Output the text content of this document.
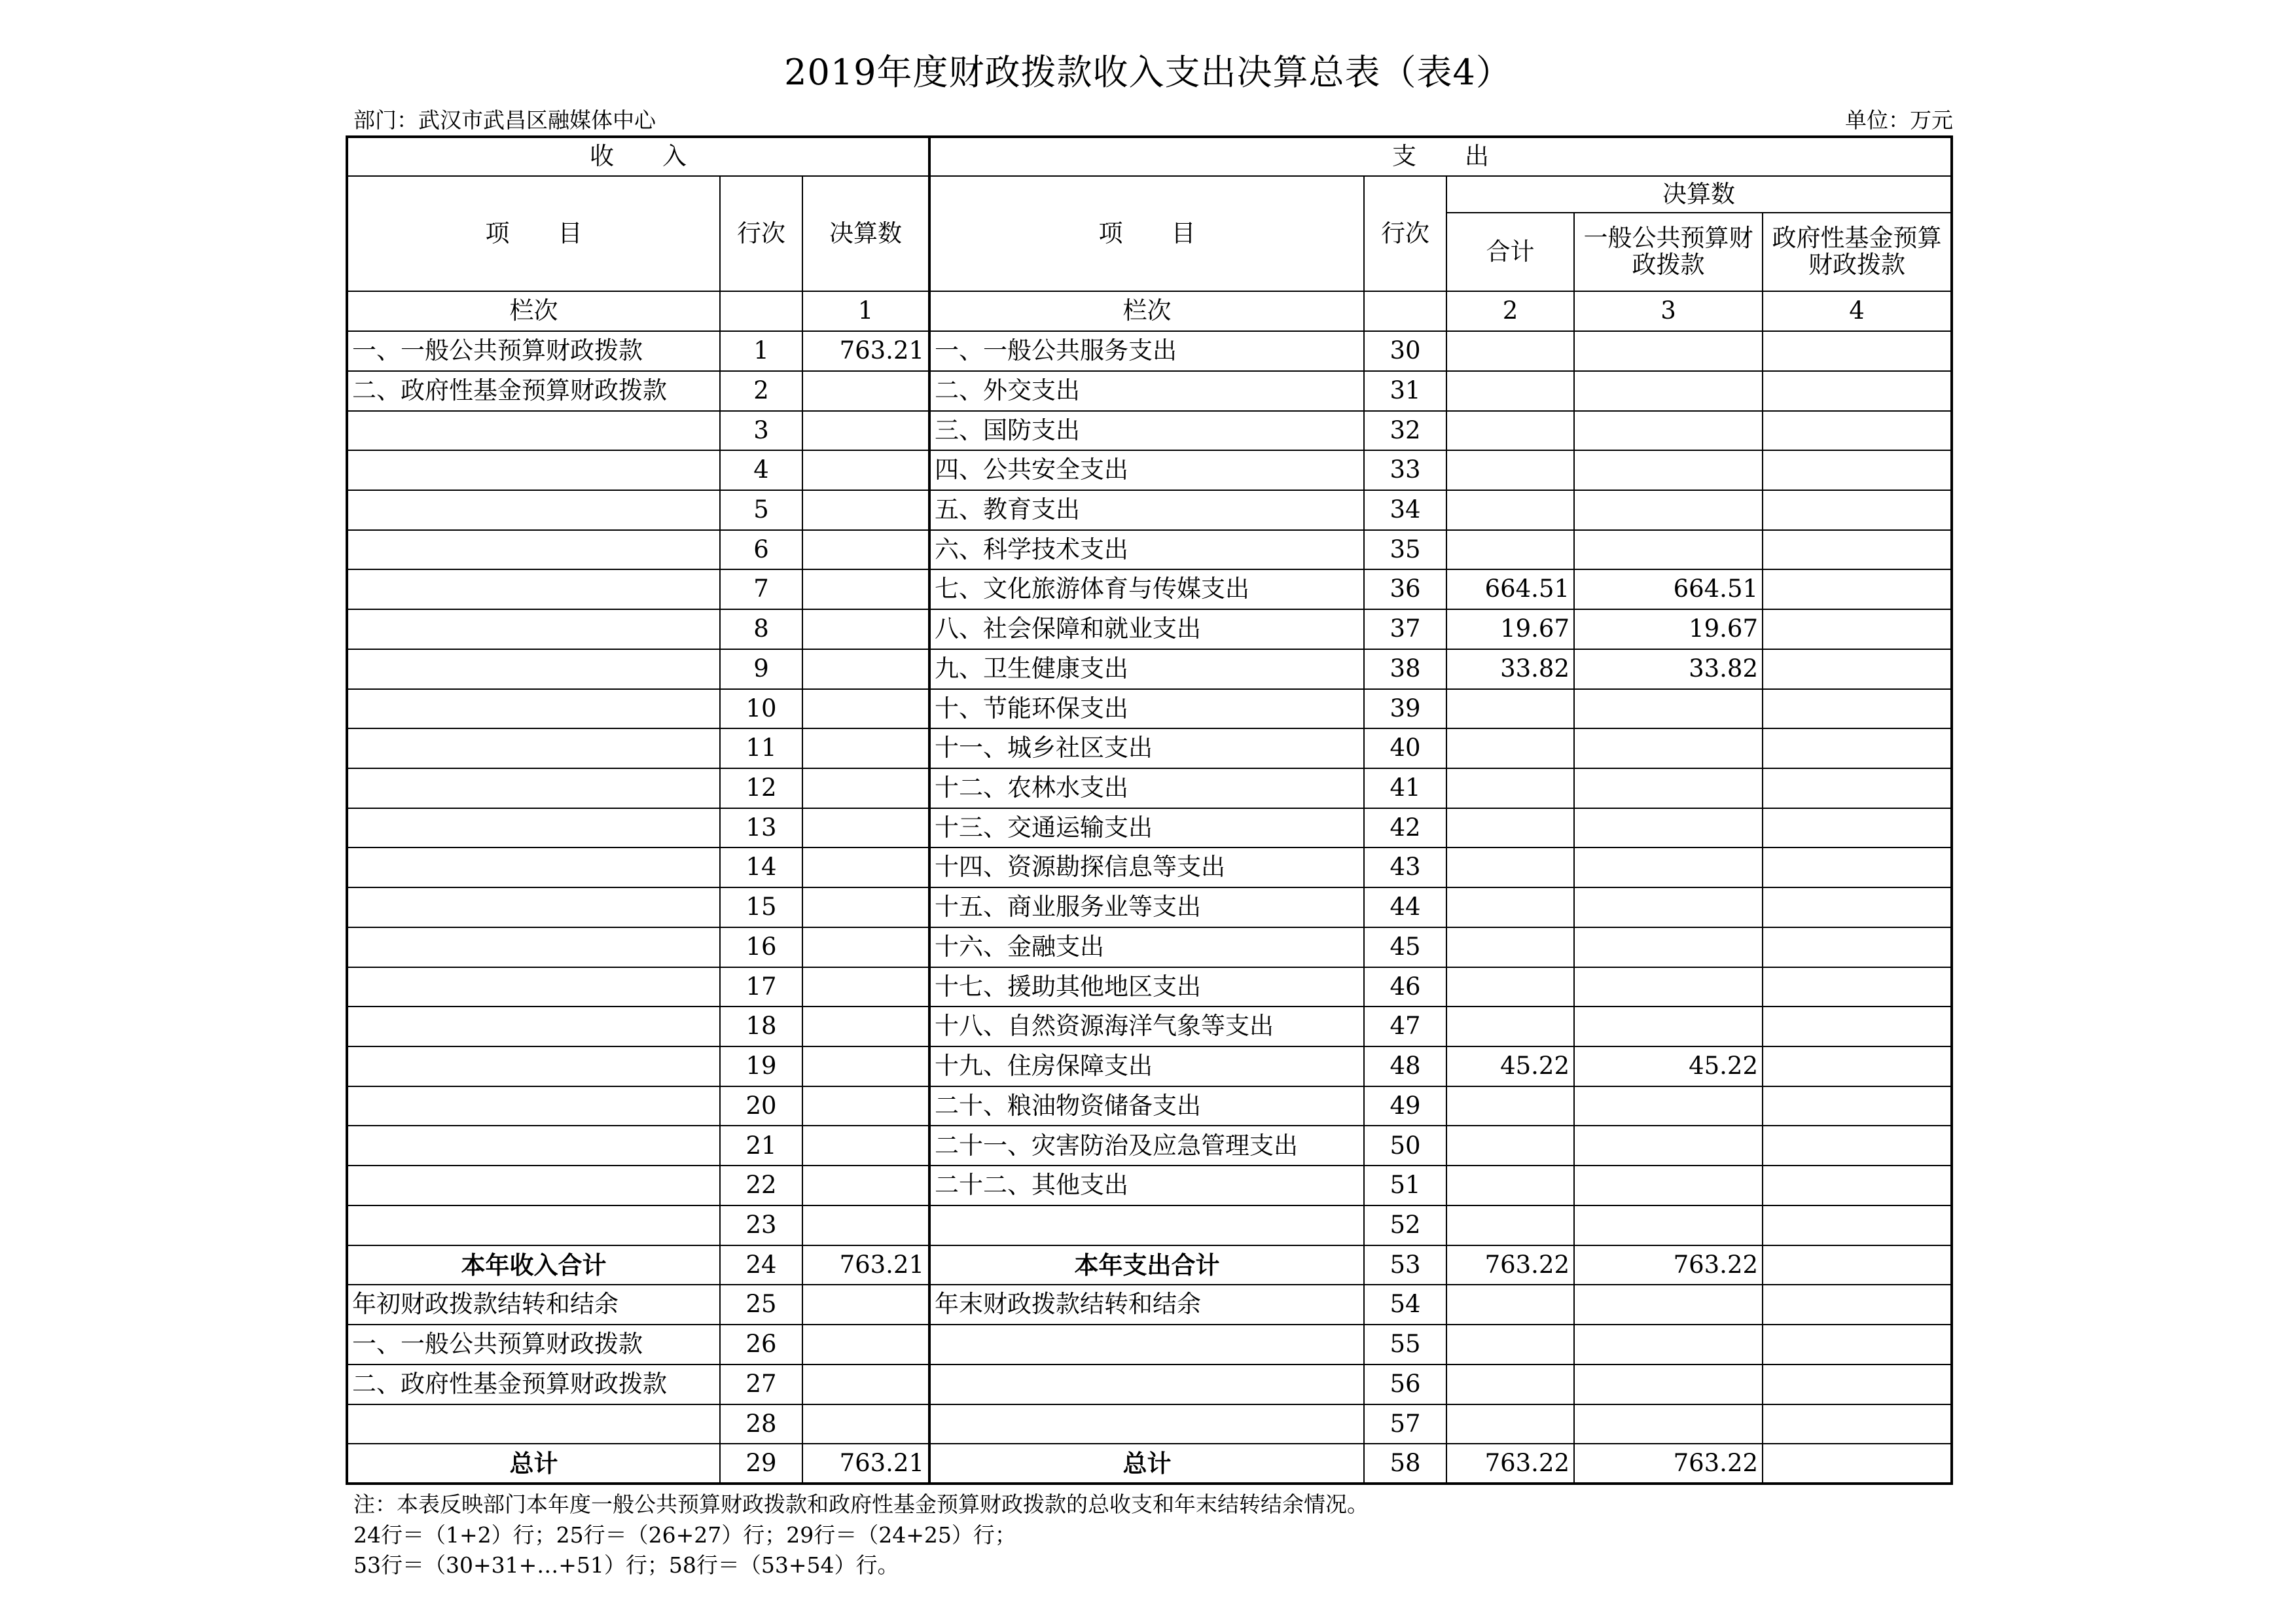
2019年度财政拨款收入支出决算总表（表4）
部门：武汉市武昌区融媒体中心	单位：万元
收　　入			支　　出				
项　　目	行次	决算数	项　　目	行次	决算数		
					合计	一般公共预算财政拨款	政府性基金预算财政拨款
栏次		1	栏次		2	3	4
一、一般公共预算财政拨款	1	763.21	一、一般公共服务支出	30			
二、政府性基金预算财政拨款	2		二、外交支出	31			
	3		三、国防支出	32			
	4		四、公共安全支出	33			
	5		五、教育支出	34			
	6		六、科学技术支出	35			
	7		七、文化旅游体育与传媒支出	36	664.51	664.51	
	8		八、社会保障和就业支出	37	19.67	19.67	
	9		九、卫生健康支出	38	33.82	33.82	
	10		十、节能环保支出	39			
	11		十一、城乡社区支出	40			
	12		十二、农林水支出	41			
	13		十三、交通运输支出	42			
	14		十四、资源勘探信息等支出	43			
	15		十五、商业服务业等支出	44			
	16		十六、金融支出	45			
	17		十七、援助其他地区支出	46			
	18		十八、自然资源海洋气象等支出	47			
	19		十九、住房保障支出	48	45.22	45.22	
	20		二十、粮油物资储备支出	49			
	21		二十一、灾害防治及应急管理支出	50			
	22		二十二、其他支出	51			
	23			52			
本年收入合计	24	763.21	本年支出合计	53	763.22	763.22	
年初财政拨款结转和结余	25		年末财政拨款结转和结余	54			
一、一般公共预算财政拨款	26			55			
二、政府性基金预算财政拨款	27			56			
	28			57			
总计	29	763.21	总计	58	763.22	763.22	
注：本表反映部门本年度一般公共预算财政拨款和政府性基金预算财政拨款的总收支和年末结转结余情况。
24行＝（1+2）行；25行＝（26+27）行；29行＝（24+25）行；
53行＝（30+31+…+51）行；58行＝（53+54）行。
